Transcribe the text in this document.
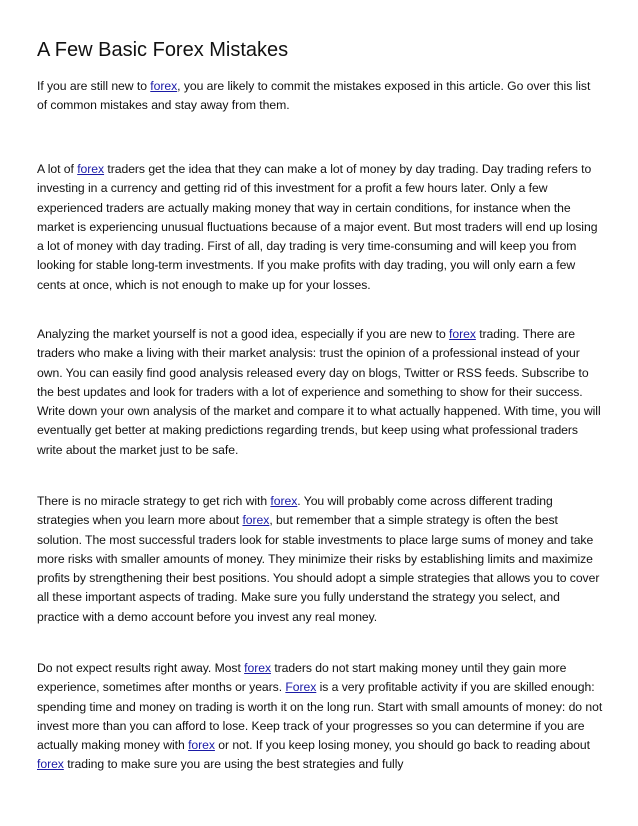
A Few Basic Forex Mistakes

If you are still new to forex, you are likely to commit the mistakes exposed in this article. Go over this list of common mistakes and stay away from them.

A lot of forex traders get the idea that they can make a lot of money by day trading. Day trading refers to investing in a currency and getting rid of this investment for a profit a few hours later. Only a few experienced traders are actually making money that way in certain conditions, for instance when the market is experiencing unusual fluctuations because of a major event. But most traders will end up losing a lot of money with day trading. First of all, day trading is very time-consuming and will keep you from looking for stable long-term investments. If you make profits with day trading, you will only earn a few cents at once, which is not enough to make up for your losses.

Analyzing the market yourself is not a good idea, especially if you are new to forex trading. There are traders who make a living with their market analysis: trust the opinion of a professional instead of your own. You can easily find good analysis released every day on blogs, Twitter or RSS feeds. Subscribe to the best updates and look for traders with a lot of experience and something to show for their success. Write down your own analysis of the market and compare it to what actually happened. With time, you will eventually get better at making predictions regarding trends, but keep using what professional traders write about the market just to be safe.

There is no miracle strategy to get rich with forex. You will probably come across different trading strategies when you learn more about forex, but remember that a simple strategy is often the best solution. The most successful traders look for stable investments to place large sums of money and take more risks with smaller amounts of money. They minimize their risks by establishing limits and maximize profits by strengthening their best positions. You should adopt a simple strategies that allows you to cover all these important aspects of trading. Make sure you fully understand the strategy you select, and practice with a demo account before you invest any real money.

Do not expect results right away. Most forex traders do not start making money until they gain more experience, sometimes after months or years. Forex is a very profitable activity if you are skilled enough: spending time and money on trading is worth it on the long run. Start with small amounts of money: do not invest more than you can afford to lose. Keep track of your progresses so you can determine if you are actually making money with forex or not. If you keep losing money, you should go back to reading about forex trading to make sure you are using the best strategies and fully
